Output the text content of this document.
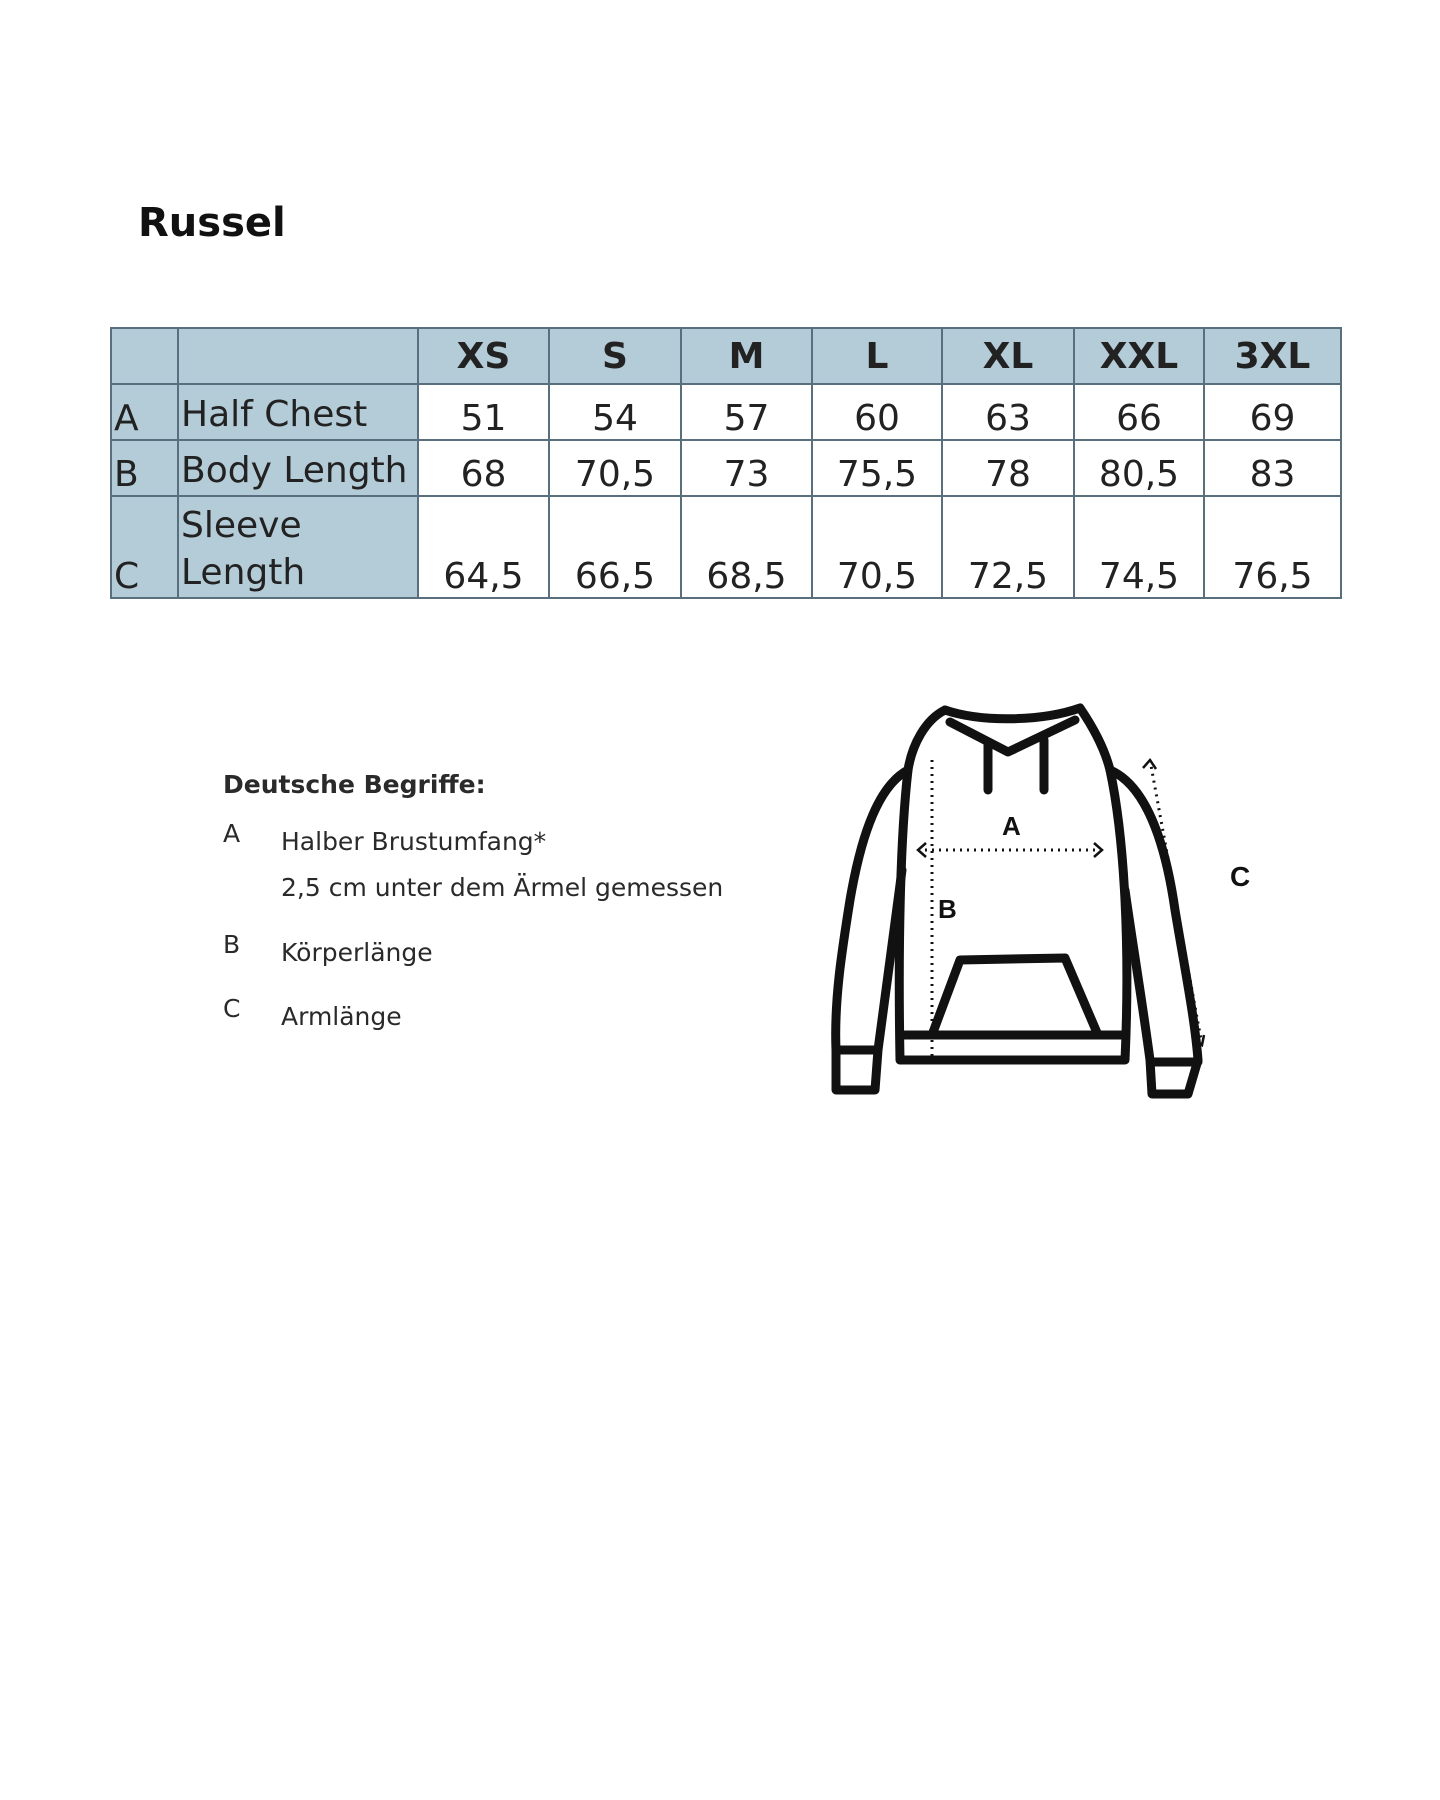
Russel
		XS	S	M	L	XL	XXL	3XL
A	Half Chest	51	54	57	60	63	66	69
B	Body Length	68	70,5	73	75,5	78	80,5	83
C	Sleeve
Length	64,5	66,5	68,5	70,5	72,5	74,5	76,5
Deutsche Begriffe:
A	Halber Brustumfang*
2,5 cm unter dem Ärmel gemessen
B	Körperlänge
C	Armlänge
A
B
C
